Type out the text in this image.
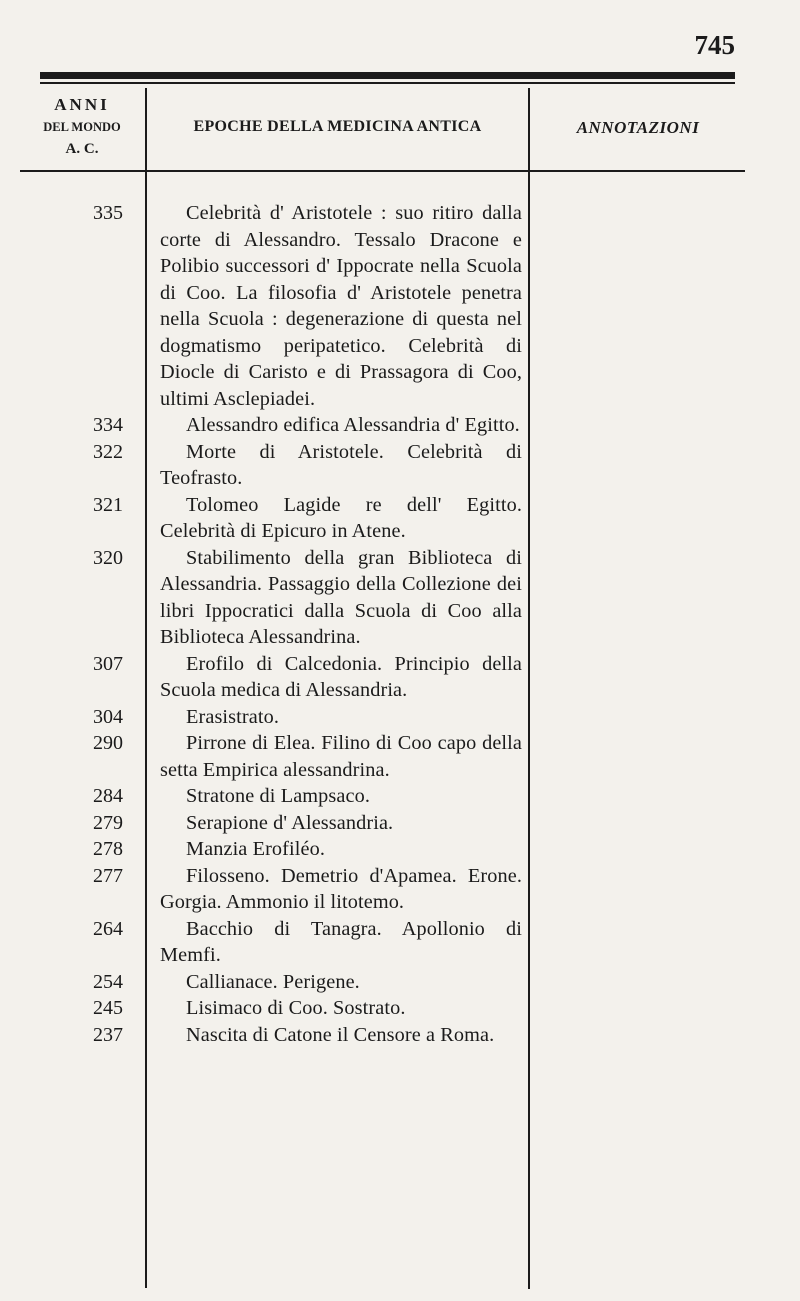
745
ANNI
DEL MONDO
A. C.
EPOCHE DELLA MEDICINA ANTICA	ANNOTAZIONI
335	Celebrità d' Aristotele : suo ritiro dalla corte di Alessandro. Tessalo Dracone e Polibio successori d' Ippocrate nella Scuola di Coo. La filosofia d' Aristotele penetra nella Scuola : degenerazione di questa nel dogmatismo peripatetico. Celebrità di Diocle di Caristo e di Prassagora di Coo, ultimi Asclepiadei.
334	Alessandro edifica Alessandria d' Egitto.
322	Morte di Aristotele. Celebrità di Teofrasto.
321	Tolomeo Lagide re dell' Egitto. Celebrità di Epicuro in Atene.
320	Stabilimento della gran Biblioteca di Alessandria. Passaggio della Collezione dei libri Ippocratici dalla Scuola di Coo alla Biblioteca Alessandrina.
307	Erofilo di Calcedonia. Principio della Scuola medica di Alessandria.
304	Erasistrato.
290	Pirrone di Elea. Filino di Coo capo della setta Empirica alessandrina.
284	Stratone di Lampsaco.
279	Serapione d' Alessandria.
278	Manzia Erofiléo.
277	Filosseno. Demetrio d'Apamea. Erone. Gorgia. Ammonio il litotemo.
264	Bacchio di Tanagra. Apollonio di Memfi.
254	Callianace. Perigene.
245	Lisimaco di Coo. Sostrato.
237	Nascita di Catone il Censore a Roma.
